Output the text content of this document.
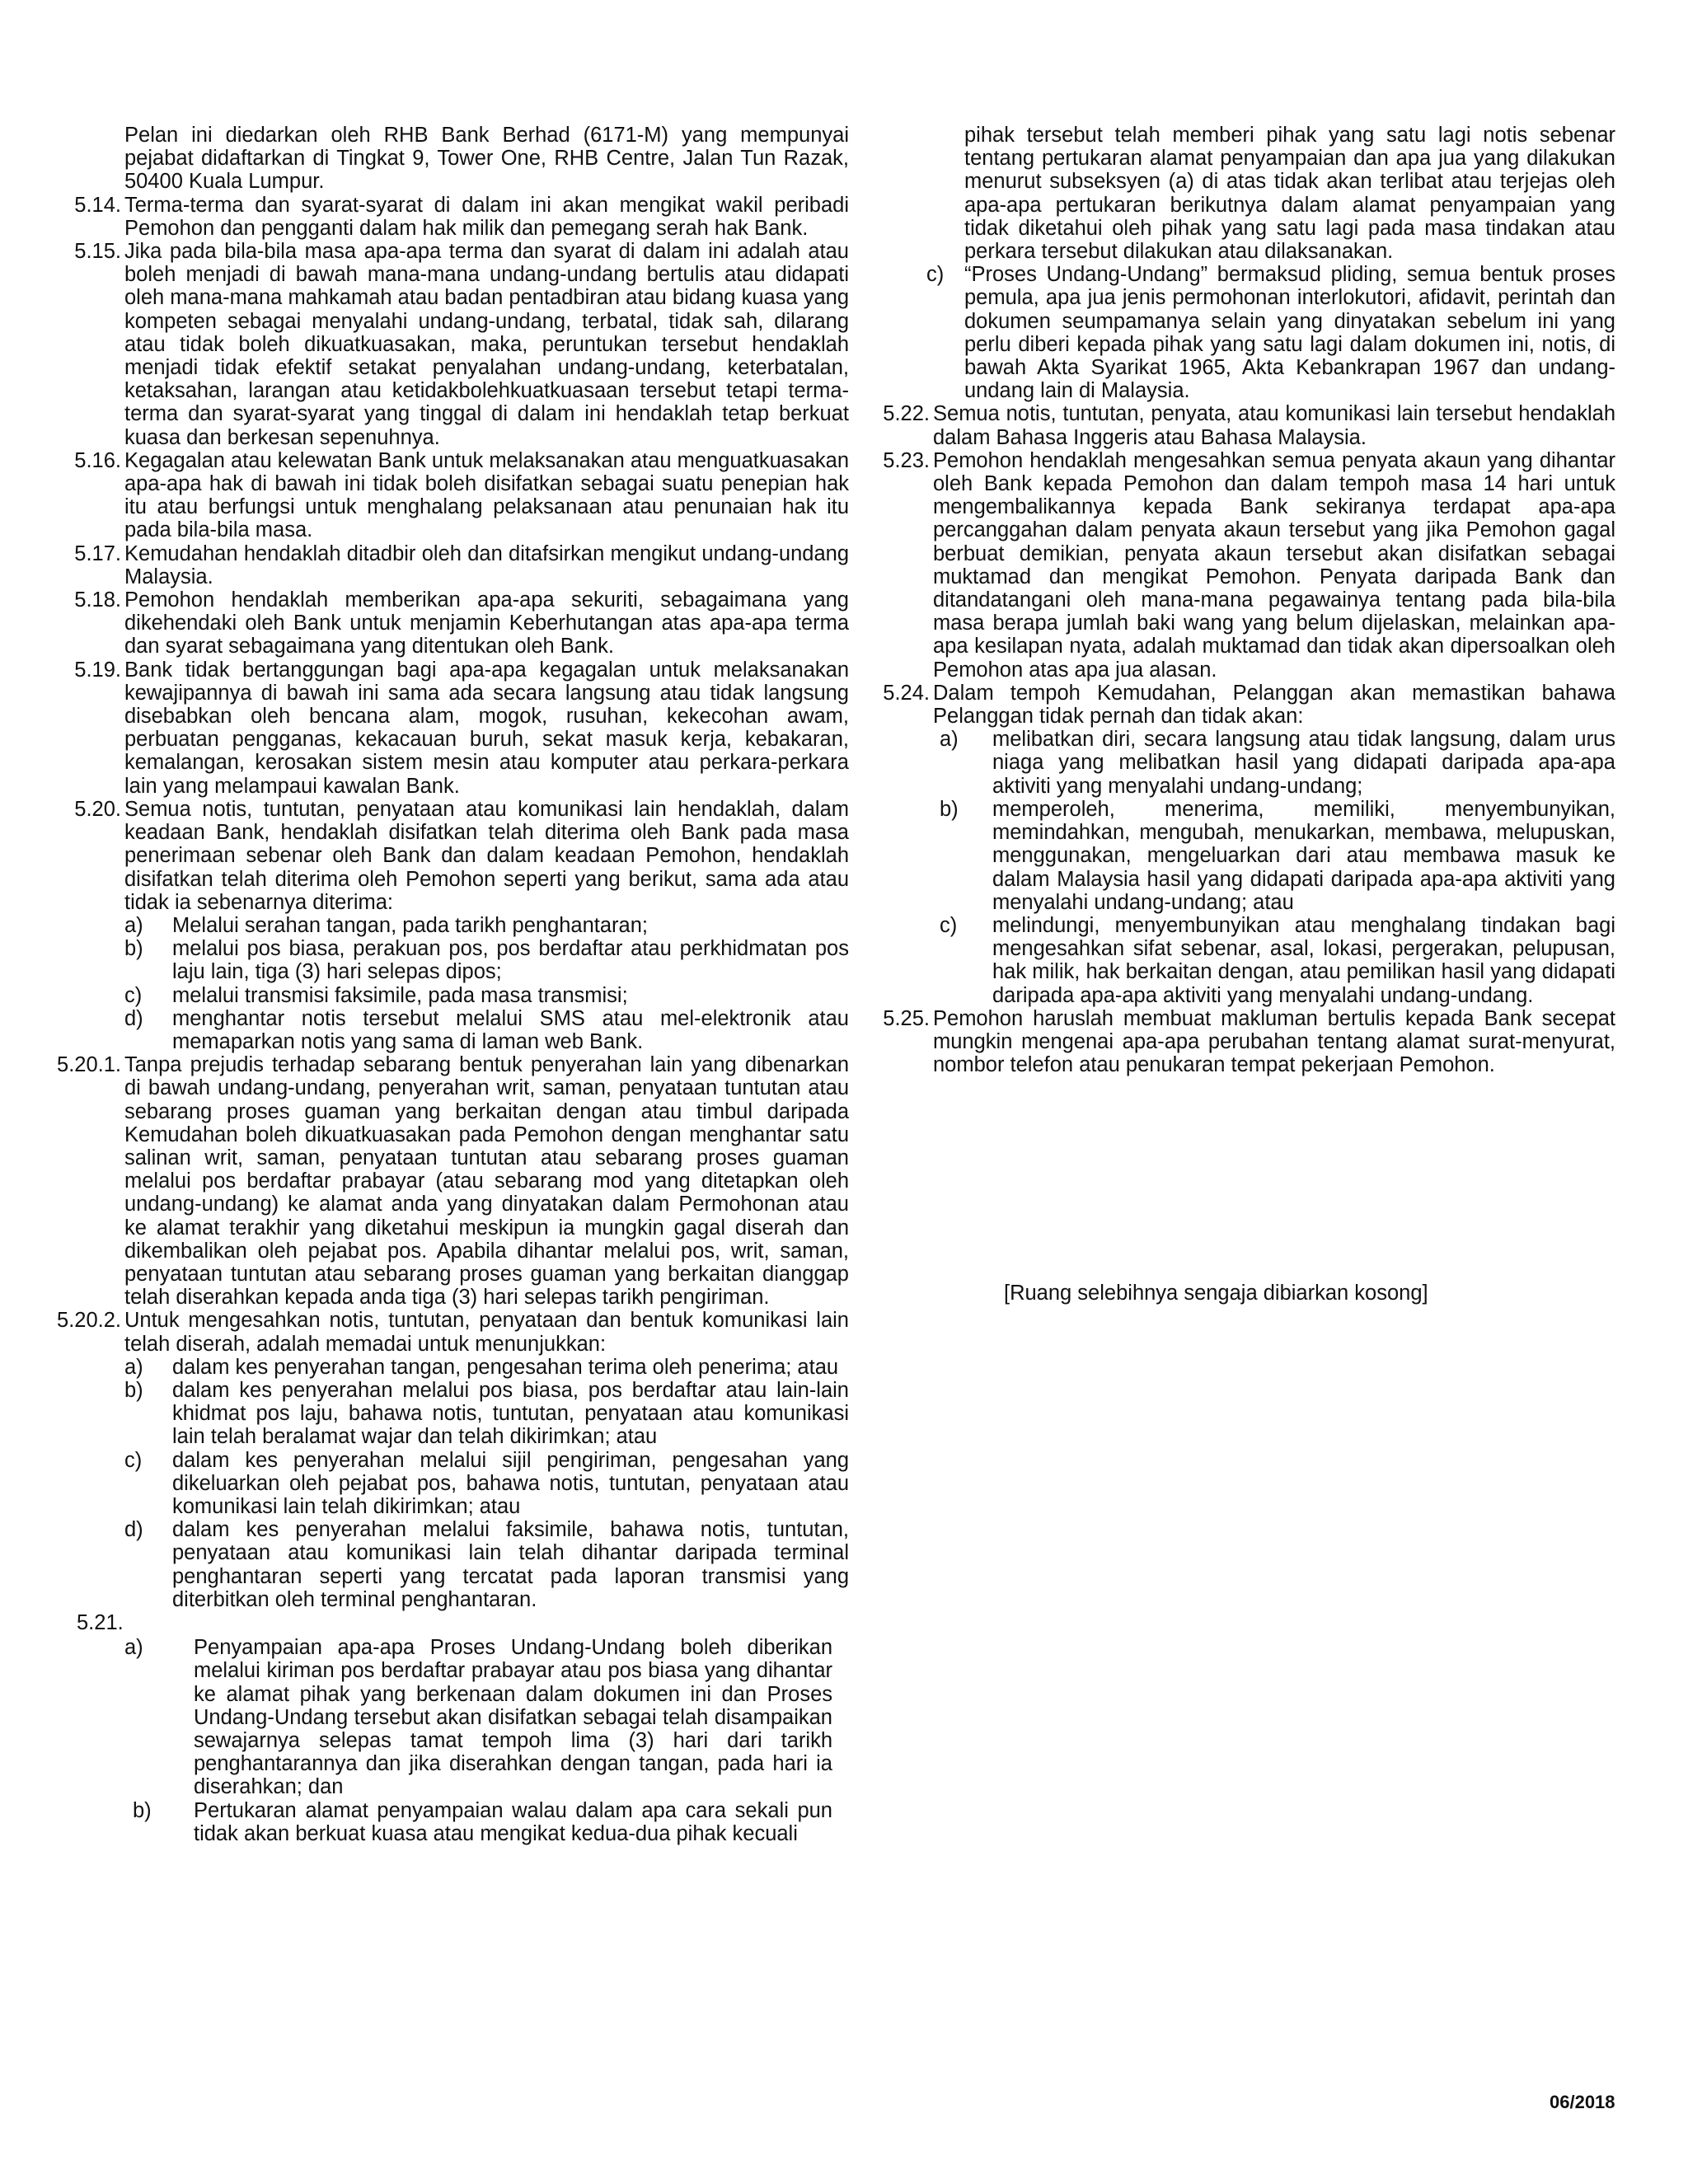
Pelan ini diedarkan oleh RHB Bank Berhad (6171-M) yang mempunyai pejabat didaftarkan di Tingkat 9, Tower One, RHB Centre, Jalan Tun Razak, 50400 Kuala Lumpur.
5.14. Terma-terma dan syarat-syarat di dalam ini akan mengikat wakil peribadi Pemohon dan pengganti dalam hak milik dan pemegang serah hak Bank.
5.15. Jika pada bila-bila masa apa-apa terma dan syarat di dalam ini adalah atau boleh menjadi di bawah mana-mana undang-undang bertulis atau didapati oleh mana-mana mahkamah atau badan pentadbiran atau bidang kuasa yang kompeten sebagai menyalahi undang-undang, terbatal, tidak sah, dilarang atau tidak boleh dikuatkuasakan, maka, peruntukan tersebut hendaklah menjadi tidak efektif setakat penyalahan undang-undang, keterbatalan, ketaksahan, larangan atau ketidakbolehkuatkuasaan tersebut tetapi terma-terma dan syarat-syarat yang tinggal di dalam ini hendaklah tetap berkuat kuasa dan berkesan sepenuhnya.
5.16. Kegagalan atau kelewatan Bank untuk melaksanakan atau menguatkuasakan apa-apa hak di bawah ini tidak boleh disifatkan sebagai suatu penepian hak itu atau berfungsi untuk menghalang pelaksanaan atau penunaian hak itu pada bila-bila masa.
5.17. Kemudahan hendaklah ditadbir oleh dan ditafsirkan mengikut undang-undang Malaysia.
5.18. Pemohon hendaklah memberikan apa-apa sekuriti, sebagaimana yang dikehendaki oleh Bank untuk menjamin Keberhutangan atas apa-apa terma dan syarat sebagaimana yang ditentukan oleh Bank.
5.19. Bank tidak bertanggungan bagi apa-apa kegagalan untuk melaksanakan kewajipannya di bawah ini sama ada secara langsung atau tidak langsung disebabkan oleh bencana alam, mogok, rusuhan, kekecohan awam, perbuatan pengganas, kekacauan buruh, sekat masuk kerja, kebakaran, kemalangan, kerosakan sistem mesin atau komputer atau perkara-perkara lain yang melampaui kawalan Bank.
5.20. Semua notis, tuntutan, penyataan atau komunikasi lain hendaklah, dalam keadaan Bank, hendaklah disifatkan telah diterima oleh Bank pada masa penerimaan sebenar oleh Bank dan dalam keadaan Pemohon, hendaklah disifatkan telah diterima oleh Pemohon seperti yang berikut, sama ada atau tidak ia sebenarnya diterima:
a) Melalui serahan tangan, pada tarikh penghantaran;
b) melalui pos biasa, perakuan pos, pos berdaftar atau perkhidmatan pos laju lain, tiga (3) hari selepas dipos;
c) melalui transmisi faksimile, pada masa transmisi;
d) menghantar notis tersebut melalui SMS atau mel-elektronik atau memaparkan notis yang sama di laman web Bank.
5.20.1. Tanpa prejudis terhadap sebarang bentuk penyerahan lain yang dibenarkan di bawah undang-undang, penyerahan writ, saman, penyataan tuntutan atau sebarang proses guaman yang berkaitan dengan atau timbul daripada Kemudahan boleh dikuatkuasakan pada Pemohon dengan menghantar satu salinan writ, saman, penyataan tuntutan atau sebarang proses guaman melalui pos berdaftar prabayar (atau sebarang mod yang ditetapkan oleh undang-undang) ke alamat anda yang dinyatakan dalam Permohonan atau ke alamat terakhir yang diketahui meskipun ia mungkin gagal diserah dan dikembalikan oleh pejabat pos. Apabila dihantar melalui pos, writ, saman, penyataan tuntutan atau sebarang proses guaman yang berkaitan dianggap telah diserahkan kepada anda tiga (3) hari selepas tarikh pengiriman.
5.20.2. Untuk mengesahkan notis, tuntutan, penyataan dan bentuk komunikasi lain telah diserah, adalah memadai untuk menunjukkan:
a) dalam kes penyerahan tangan, pengesahan terima oleh penerima; atau
b) dalam kes penyerahan melalui pos biasa, pos berdaftar atau lain-lain khidmat pos laju, bahawa notis, tuntutan, penyataan atau komunikasi lain telah beralamat wajar dan telah dikirimkan; atau
c) dalam kes penyerahan melalui sijil pengiriman, pengesahan yang dikeluarkan oleh pejabat pos, bahawa notis, tuntutan, penyataan atau komunikasi lain telah dikirimkan; atau
d) dalam kes penyerahan melalui faksimile, bahawa notis, tuntutan, penyataan atau komunikasi lain telah dihantar daripada terminal penghantaran seperti yang tercatat pada laporan transmisi yang diterbitkan oleh terminal penghantaran.
5.21.
a) Penyampaian apa-apa Proses Undang-Undang boleh diberikan melalui kiriman pos berdaftar prabayar atau pos biasa yang dihantar ke alamat pihak yang berkenaan dalam dokumen ini dan Proses Undang-Undang tersebut akan disifatkan sebagai telah disampaikan sewajarnya selepas tamat tempoh lima (3) hari dari tarikh penghantarannya dan jika diserahkan dengan tangan, pada hari ia diserahkan; dan
b) Pertukaran alamat penyampaian walau dalam apa cara sekali pun tidak akan berkuat kuasa atau mengikat kedua-dua pihak kecuali
pihak tersebut telah memberi pihak yang satu lagi notis sebenar tentang pertukaran alamat penyampaian dan apa jua yang dilakukan menurut subseksyen (a) di atas tidak akan terlibat atau terjejas oleh apa-apa pertukaran berikutnya dalam alamat penyampaian yang tidak diketahui oleh pihak yang satu lagi pada masa tindakan atau perkara tersebut dilakukan atau dilaksanakan.
c) “Proses Undang-Undang” bermaksud pliding, semua bentuk proses pemula, apa jua jenis permohonan interlokutori, afidavit, perintah dan dokumen seumpamanya selain yang dinyatakan sebelum ini yang perlu diberi kepada pihak yang satu lagi dalam dokumen ini, notis, di bawah Akta Syarikat 1965, Akta Kebankrapan 1967 dan undang-undang lain di Malaysia.
5.22. Semua notis, tuntutan, penyata, atau komunikasi lain tersebut hendaklah dalam Bahasa Inggeris atau Bahasa Malaysia.
5.23. Pemohon hendaklah mengesahkan semua penyata akaun yang dihantar oleh Bank kepada Pemohon dan dalam tempoh masa 14 hari untuk mengembalikannya kepada Bank sekiranya terdapat apa-apa percanggahan dalam penyata akaun tersebut yang jika Pemohon gagal berbuat demikian, penyata akaun tersebut akan disifatkan sebagai muktamad dan mengikat Pemohon. Penyata daripada Bank dan ditandatangani oleh mana-mana pegawainya tentang pada bila-bila masa berapa jumlah baki wang yang belum dijelaskan, melainkan apa-apa kesilapan nyata, adalah muktamad dan tidak akan dipersoalkan oleh Pemohon atas apa jua alasan.
5.24. Dalam tempoh Kemudahan, Pelanggan akan memastikan bahawa Pelanggan tidak pernah dan tidak akan:
a) melibatkan diri, secara langsung atau tidak langsung, dalam urus niaga yang melibatkan hasil yang didapati daripada apa-apa aktiviti yang menyalahi undang-undang;
b) memperoleh, menerima, memiliki, menyembunyikan, memindahkan, mengubah, menukarkan, membawa, melupuskan, menggunakan, mengeluarkan dari atau membawa masuk ke dalam Malaysia hasil yang didapati daripada apa-apa aktiviti yang menyalahi undang-undang; atau
c) melindungi, menyembunyikan atau menghalang tindakan bagi mengesahkan sifat sebenar, asal, lokasi, pergerakan, pelupusan, hak milik, hak berkaitan dengan, atau pemilikan hasil yang didapati daripada apa-apa aktiviti yang menyalahi undang-undang.
5.25. Pemohon haruslah membuat makluman bertulis kepada Bank secepat mungkin mengenai apa-apa perubahan tentang alamat surat-menyurat, nombor telefon atau penukaran tempat pekerjaan Pemohon.
[Ruang selebihnya sengaja dibiarkan kosong]
06/2018
